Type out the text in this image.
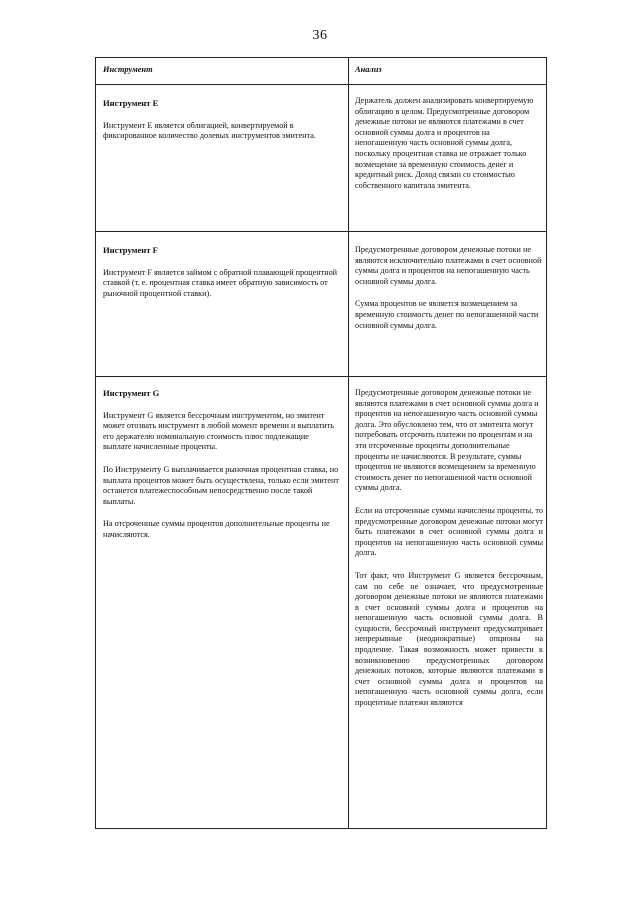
36
Инструмент	Анализ
Инструмент Е

Инструмент Е является облигацией, конвертируемой в фиксированное количество долевых инструментов эмитента.

Держатель должен анализировать конвертируемую облигацию в целом. Предусмотренные договором денежные потоки не являются платежами в счет основной суммы долга и процентов на непогашенную часть основной суммы долга, поскольку процентная ставка не отражает только возмещение за временную стоимость денег и кредитный риск. Доход связан со стоимостью собственного капитала эмитента.

Инструмент F

Инструмент F является займом с обратной плавающей процентной ставкой (т. е. процентная ставка имеет обратную зависимость от рыночной процентной ставки).

Предусмотренные договором денежные потоки не являются исключительно платежами в счет основной суммы долга и процентов на непогашенную часть основной суммы долга.

Сумма процентов не является возмещением за временную стоимость денег по непогашенной части основной суммы долга.

Инструмент G

Инструмент G является бессрочным инструментом, но эмитент может отозвать инструмент в любой момент времени и выплатить его держателю номинальную стоимость плюс подлежащие выплате начисленные проценты.

По Инструменту G выплачивается рыночная процентная ставка, но выплата процентов может быть осуществлена, только если эмитент останется платежеспособным непосредственно после такой выплаты.

На отсроченные суммы процентов дополнительные проценты не начисляются.

Предусмотренные договором денежные потоки не являются платежами в счет основной суммы долга и процентов на непогашенную часть основной суммы долга. Это обусловлено тем, что от эмитента могут потребовать отсрочить платежи по процентам и на эти отсроченные проценты дополнительные проценты не начисляются. В результате, суммы процентов не являются возмещением за временную стоимость денег по непогашенной части основной суммы долга.

Если на отсроченные суммы начислены проценты, то предусмотренные договором денежные потоки могут быть платежами в счет основной суммы долга и процентов на непогашенную часть основной суммы долга.

Тот факт, что Инструмент G является бессрочным, сам по себе не означает, что предусмотренные договором денежные потоки не являются платежами в счет основной суммы долга и процентов на непогашенную часть основной суммы долга. В сущности, бессрочный инструмент предусматривает непрерывные (неоднократные) опционы на продление. Такая возможность может привести к возникновению предусмотренных договором денежных потоков, которые являются платежами в счет основной суммы долга и процентов на непогашенную часть основной суммы долга, если процентные платежи являются
